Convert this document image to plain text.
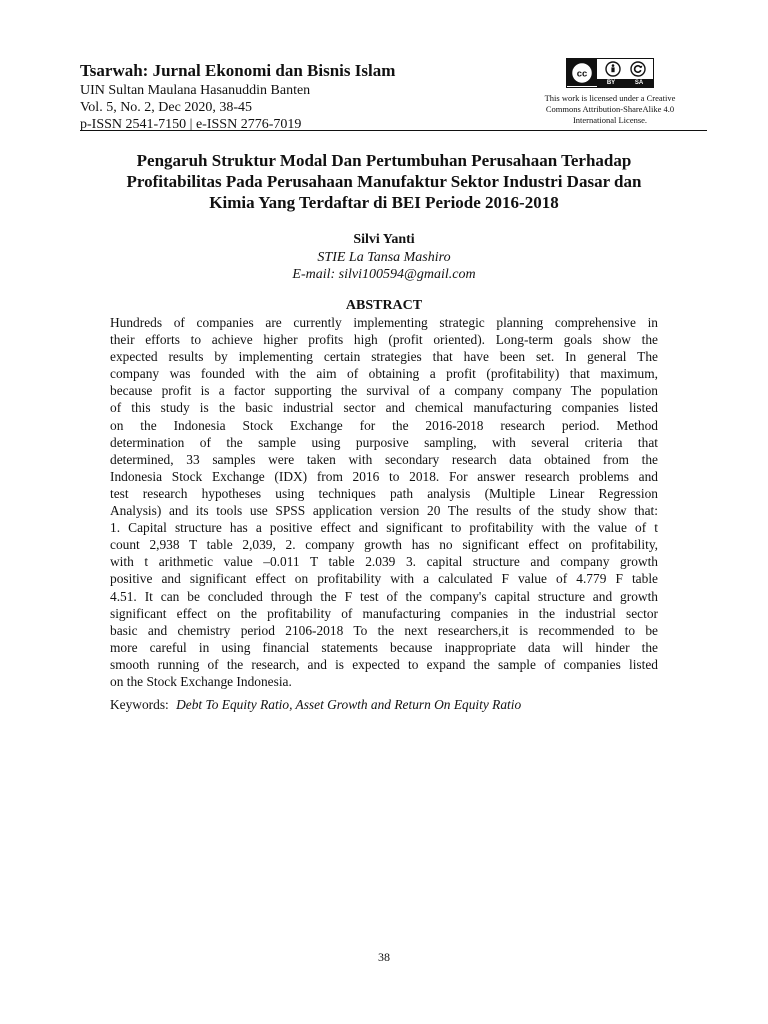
Tsarwah: Jurnal Ekonomi dan Bisnis Islam
UIN Sultan Maulana Hasanuddin Banten
Vol. 5, No. 2, Dec 2020, 38-45
p-ISSN 2541-7150 | e-ISSN 2776-7019
cc
BY	SA
This work is licensed under a Creative
Commons Attribution-ShareAlike 4.0
International License.
Pengaruh Struktur Modal Dan Pertumbuhan Perusahaan Terhadap
Profitabilitas Pada Perusahaan Manufaktur Sektor Industri Dasar dan
Kimia Yang Terdaftar di BEI Periode 2016-2018
Silvi Yanti
STIE La Tansa Mashiro
E-mail: silvi100594@gmail.com
ABSTRACT
Hundreds of companies are currently implementing strategic planning comprehensive in
their efforts to achieve higher profits high (profit oriented). Long-term goals show the
expected results by implementing certain strategies that have been set. In general The
company was founded with the aim of obtaining a profit (profitability) that maximum,
because profit is a factor supporting the survival of a company company The population
of this study is the basic industrial sector and chemical manufacturing companies listed
on the Indonesia Stock Exchange for the 2016-2018 research period. Method
determination of the sample using purposive sampling, with several criteria that
determined, 33 samples were taken with secondary research data obtained from the
Indonesia Stock Exchange (IDX) from 2016 to 2018. For answer research problems and
test research hypotheses using techniques path analysis (Multiple Linear Regression
Analysis) and its tools use SPSS application version 20 The results of the study show that:
1. Capital structure has a positive effect and significant to profitability with the value of t
count 2,938 T table 2,039, 2. company growth has no significant effect on profitability,
with t arithmetic value –0.011 T table 2.039 3. capital structure and company growth
positive and significant effect on profitability with a calculated F value of 4.779 F table
4.51. It can be concluded through the F test of the company's capital structure and growth
significant effect on the profitability of manufacturing companies in the industrial sector
basic and chemistry period 2106-2018 To the next researchers,it is recommended to be
more careful in using financial statements because inappropriate data will hinder the
smooth running of the research, and is expected to expand the sample of companies listed
on the Stock Exchange Indonesia.
Keywords: Debt To Equity Ratio, Asset Growth and Return On Equity Ratio
38
